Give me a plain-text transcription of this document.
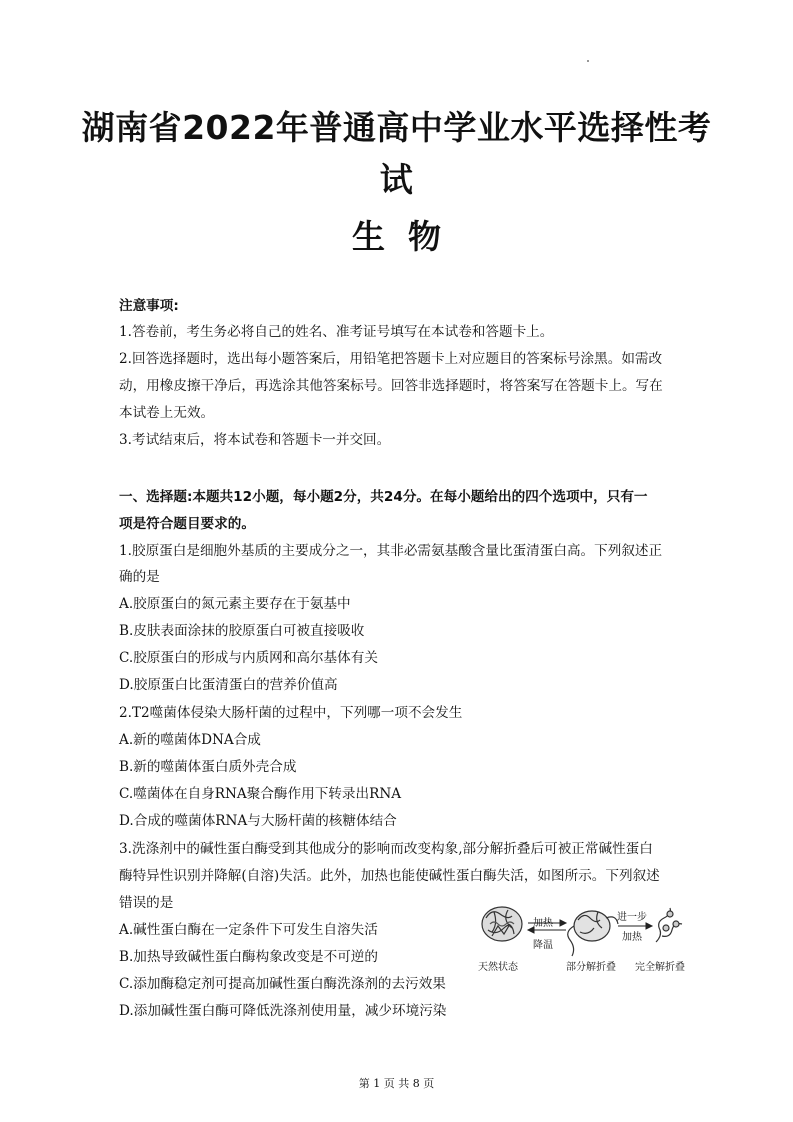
湖南省2022年普通高中学业水平选择性考
试
生  物
注意事项:
1.答卷前，考生务必将自己的姓名、准考证号填写在本试卷和答题卡上。
2.回答选择题时，选出每小题答案后，用铅笔把答题卡上对应题目的答案标号涂黑。如需改
动，用橡皮擦干净后，再选涂其他答案标号。回答非选择题时，将答案写在答题卡上。写在
本试卷上无效。
3.考试结束后，将本试卷和答题卡一并交回。
一、选择题:本题共12小题，每小题2分，共24分。在每小题给出的四个选项中，只有一
项是符合题目要求的。
1.胶原蛋白是细胞外基质的主要成分之一，其非必需氨基酸含量比蛋清蛋白高。下列叙述正
确的是
A.胶原蛋白的氮元素主要存在于氨基中
B.皮肤表面涂抹的胶原蛋白可被直接吸收
C.胶原蛋白的形成与内质网和高尔基体有关
D.胶原蛋白比蛋清蛋白的营养价值高
2.T2噬菌体侵染大肠杆菌的过程中，下列哪一项不会发生
A.新的噬菌体DNA合成
B.新的噬菌体蛋白质外壳合成
C.噬菌体在自身RNA聚合酶作用下转录出RNA
D.合成的噬菌体RNA与大肠杆菌的核糖体结合
3.洗涤剂中的碱性蛋白酶受到其他成分的影响而改变构象,部分解折叠后可被正常碱性蛋白
酶特异性识别并降解(自溶)失活。此外，加热也能使碱性蛋白酶失活，如图所示。下列叙述
错误的是
A.碱性蛋白酶在一定条件下可发生自溶失活
B.加热导致碱性蛋白酶构象改变是不可逆的
C.添加酶稳定剂可提高加碱性蛋白酶洗涤剂的去污效果
D.添加碱性蛋白酶可降低洗涤剂使用量，减少环境污染
加热
降温
进一步
加热
天然状态	部分解折叠 完全解折叠
第 1 页 共 8 页
